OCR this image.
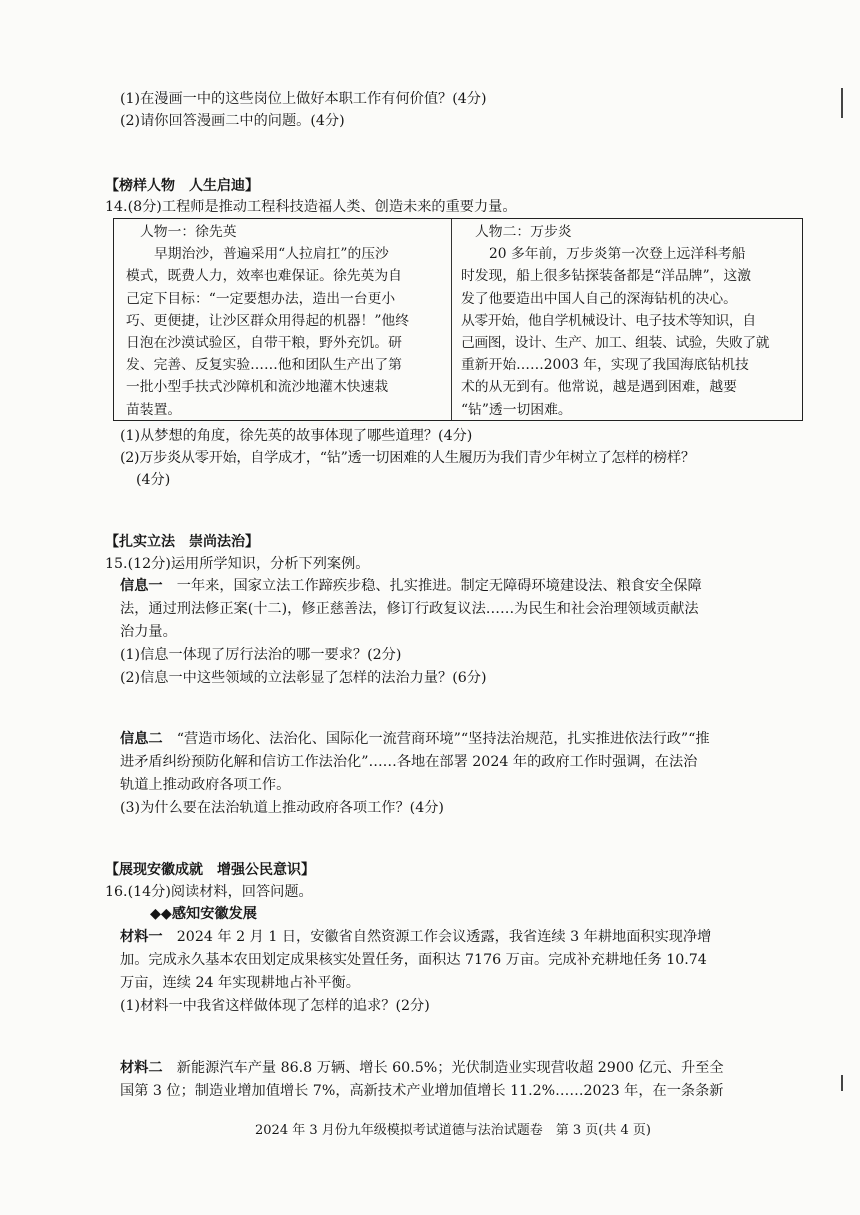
(1)在漫画一中的这些岗位上做好本职工作有何价值？(4分)
(2)请你回答漫画二中的问题。(4分)
【榜样人物　人生启迪】
14.(8分)工程师是推动工程科技造福人类、创造未来的重要力量。
人物一：徐先英
早期治沙，普遍采用“人拉肩扛”的压沙
模式，既费人力，效率也难保证。徐先英为自
己定下目标：“一定要想办法，造出一台更小
巧、更便捷，让沙区群众用得起的机器！”他终
日泡在沙漠试验区，自带干粮，野外充饥。研
发、完善、反复实验……他和团队生产出了第
一批小型手扶式沙障机和流沙地灌木快速栽
苗装置。
人物二：万步炎
20 多年前，万步炎第一次登上远洋科考船
时发现，船上很多钻探装备都是“洋品牌”，这激
发了他要造出中国人自己的深海钻机的决心。
从零开始，他自学机械设计、电子技术等知识，自
己画图，设计、生产、加工、组装、试验，失败了就
重新开始……2003 年，实现了我国海底钻机技
术的从无到有。他常说，越是遇到困难，越要
“钻”透一切困难。
(1)从梦想的角度，徐先英的故事体现了哪些道理？(4分)
(2)万步炎从零开始，自学成才，“钻”透一切困难的人生履历为我们青少年树立了怎样的榜样？
(4分)
【扎实立法　崇尚法治】
15.(12分)运用所学知识，分析下列案例。
信息一　一年来，国家立法工作蹄疾步稳、扎实推进。制定无障碍环境建设法、粮食安全保障
法，通过刑法修正案(十二)，修正慈善法，修订行政复议法……为民生和社会治理领域贡献法
治力量。
(1)信息一体现了厉行法治的哪一要求？(2分)
(2)信息一中这些领域的立法彰显了怎样的法治力量？(6分)
信息二　“营造市场化、法治化、国际化一流营商环境”“坚持法治规范，扎实推进依法行政”“推
进矛盾纠纷预防化解和信访工作法治化”……各地在部署 2024 年的政府工作时强调，在法治
轨道上推动政府各项工作。
(3)为什么要在法治轨道上推动政府各项工作？(4分)
【展现安徽成就　增强公民意识】
16.(14分)阅读材料，回答问题。
◆◆感知安徽发展
材料一　2024 年 2 月 1 日，安徽省自然资源工作会议透露，我省连续 3 年耕地面积实现净增
加。完成永久基本农田划定成果核实处置任务，面积达 7176 万亩。完成补充耕地任务 10.74
万亩，连续 24 年实现耕地占补平衡。
(1)材料一中我省这样做体现了怎样的追求？(2分)
材料二　新能源汽车产量 86.8 万辆、增长 60.5%；光伏制造业实现营收超 2900 亿元、升至全
国第 3 位；制造业增加值增长 7%，高新技术产业增加值增长 11.2%……2023 年，在一条条新
2024 年 3 月份九年级模拟考试道德与法治试题卷　第 3 页(共 4 页)
